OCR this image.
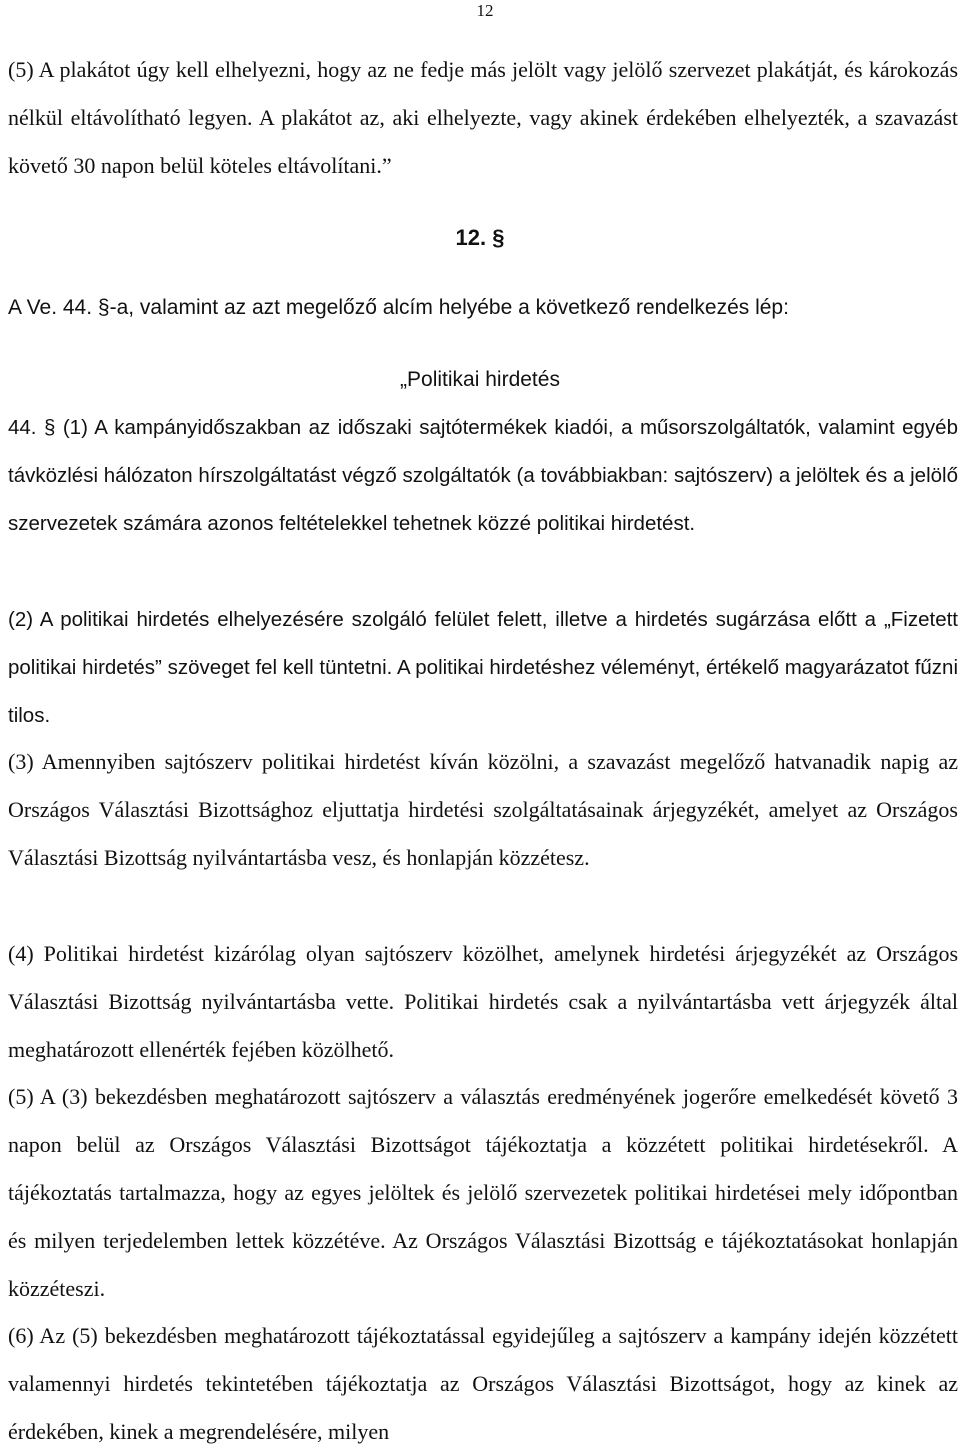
12

(5) A plakátot úgy kell elhelyezni, hogy az ne fedje más jelölt vagy jelölő szervezet plakátját, és károkozás nélkül eltávolítható legyen. A plakátot az, aki elhelyezte, vagy akinek érdekében elhelyezték, a szavazást követő 30 napon belül köteles eltávolítani.”

12. §
A Ve. 44. §-a, valamint az azt megelőző alcím helyébe a következő rendelkezés lép:
„Politikai hirdetés

44. § (1) A kampányidőszakban az időszaki sajtótermékek kiadói, a műsorszolgáltatók, valamint egyéb távközlési hálózaton hírszolgáltatást végző szolgáltatók (a továbbiakban: sajtószerv) a jelöltek és a jelölő szervezetek számára azonos feltételekkel tehetnek közzé politikai hirdetést.

(2) A politikai hirdetés elhelyezésére szolgáló felület felett, illetve a hirdetés sugárzása előtt a „Fizetett politikai hirdetés” szöveget fel kell tüntetni. A politikai hirdetéshez véleményt, értékelő magyarázatot fűzni tilos.

(3) Amennyiben sajtószerv politikai hirdetést kíván közölni, a szavazást megelőző hatvanadik napig az Országos Választási Bizottsághoz eljuttatja hirdetési szolgáltatásainak árjegyzékét, amelyet az Országos Választási Bizottság nyilvántartásba vesz, és honlapján közzétesz.

(4) Politikai hirdetést kizárólag olyan sajtószerv közölhet, amelynek hirdetési árjegyzékét az Országos Választási Bizottság nyilvántartásba vette. Politikai hirdetés csak a nyilvántartásba vett árjegyzék által meghatározott ellenérték fejében közölhető.

(5) A (3) bekezdésben meghatározott sajtószerv a választás eredményének jogerőre emelkedését követő 3 napon belül az Országos Választási Bizottságot tájékoztatja a közzétett politikai hirdetésekről. A tájékoztatás tartalmazza, hogy az egyes jelöltek és jelölő szervezetek politikai hirdetései mely időpontban és milyen terjedelemben lettek közzétéve. Az Országos Választási Bizottság e tájékoztatásokat honlapján közzéteszi.

(6) Az (5) bekezdésben meghatározott tájékoztatással egyidejűleg a sajtószerv a kampány idején közzétett valamennyi hirdetés tekintetében tájékoztatja az Országos Választási Bizottságot, hogy az kinek az érdekében, kinek a megrendelésére, milyen
